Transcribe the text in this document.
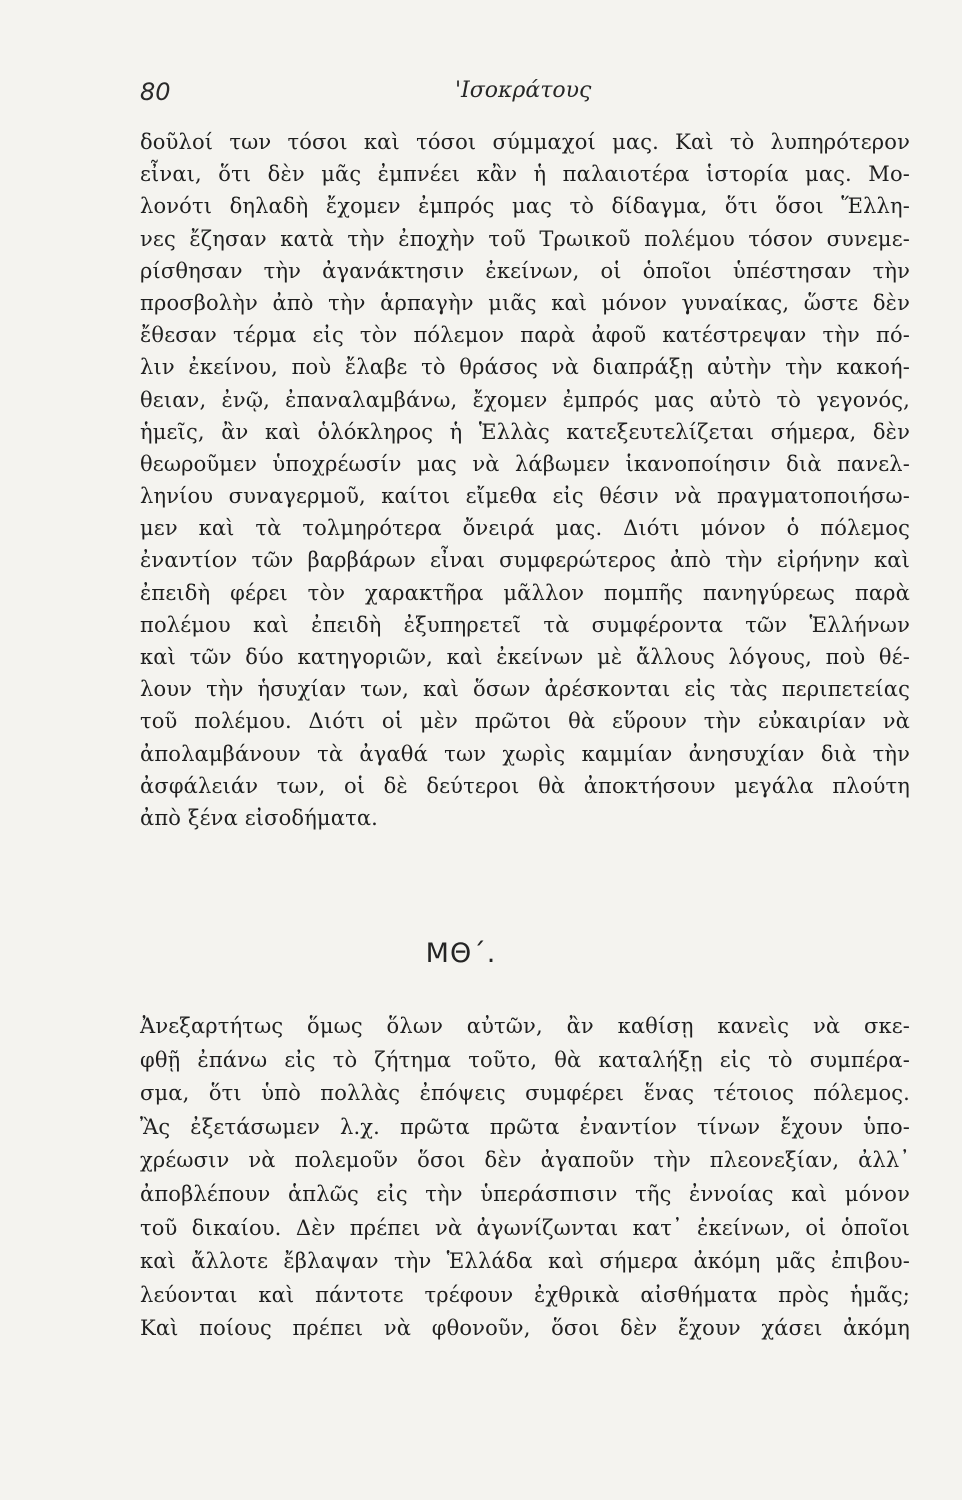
80	'Ισοκράτους
δοῦλοί των τόσοι καὶ τόσοι σύμμαχοί μας. Καὶ τὸ λυπηρότερον
εἶναι, ὅτι δὲν μᾶς ἐμπνέει κἂν ἡ παλαιοτέρα ἱστορία μας. Μο-
λονότι δηλαδὴ ἔχομεν ἐμπρός μας τὸ δίδαγμα, ὅτι ὅσοι Ἕλλη-
νες ἔζησαν κατὰ τὴν ἐποχὴν τοῦ Τρωικοῦ πολέμου τόσον συνεμε-
ρίσθησαν τὴν ἀγανάκτησιν ἐκείνων, οἱ ὁποῖοι ὑπέστησαν τὴν
προσβολὴν ἀπὸ τὴν ἁρπαγὴν μιᾶς καὶ μόνον γυναίκας, ὥστε δὲν
ἔθεσαν τέρμα εἰς τὸν πόλεμον παρὰ ἀφοῦ κατέστρεψαν τὴν πό-
λιν ἐκείνου, ποὺ ἔλαβε τὸ θράσος νὰ διαπράξῃ αὐτὴν τὴν κακοή-
θειαν, ἐνῷ, ἐπαναλαμβάνω, ἔχομεν ἐμπρός μας αὐτὸ τὸ γεγονός,
ἡμεῖς, ἂν καὶ ὁλόκληρος ἡ Ἑλλὰς κατεξευτελίζεται σήμερα, δὲν
θεωροῦμεν ὑποχρέωσίν μας νὰ λάβωμεν ἱκανοποίησιν διὰ πανελ-
ληνίου συναγερμοῦ, καίτοι εἴμεθα εἰς θέσιν νὰ πραγματοποιήσω-
μεν καὶ τὰ τολμηρότερα ὄνειρά μας. Διότι μόνον ὁ πόλεμος
ἐναντίον τῶν βαρβάρων εἶναι συμφερώτερος ἀπὸ τὴν εἰρήνην καὶ
ἐπειδὴ φέρει τὸν χαρακτῆρα μᾶλλον πομπῆς πανηγύρεως παρὰ
πολέμου καὶ ἐπειδὴ ἐξυπηρετεῖ τὰ συμφέροντα τῶν Ἑλλήνων
καὶ τῶν δύο κατηγοριῶν, καὶ ἐκείνων μὲ ἄλλους λόγους, ποὺ θέ-
λουν τὴν ἡσυχίαν των, καὶ ὅσων ἀρέσκονται εἰς τὰς περιπετείας
τοῦ πολέμου. Διότι οἱ μὲν πρῶτοι θὰ εὕρουν τὴν εὐκαιρίαν νὰ
ἀπολαμβάνουν τὰ ἀγαθά των χωρὶς καμμίαν ἀνησυχίαν διὰ τὴν
ἀσφάλειάν των, οἱ δὲ δεύτεροι θὰ ἀποκτήσουν μεγάλα πλούτη
ἀπὸ ξένα εἰσοδήματα.
ΜΘ΄.
Ἀνεξαρτήτως ὅμως ὅλων αὐτῶν, ἂν καθίσῃ κανεὶς νὰ σκε-
φθῇ ἐπάνω εἰς τὸ ζήτημα τοῦτο, θὰ καταλήξῃ εἰς τὸ συμπέρα-
σμα, ὅτι ὑπὸ πολλὰς ἐπόψεις συμφέρει ἕνας τέτοιος πόλεμος.
Ἂς ἐξετάσωμεν λ.χ. πρῶτα πρῶτα ἐναντίον τίνων ἔχουν ὑπο-
χρέωσιν νὰ πολεμοῦν ὅσοι δὲν ἀγαποῦν τὴν πλεονεξίαν, ἀλλ᾽
ἀποβλέπουν ἁπλῶς εἰς τὴν ὑπεράσπισιν τῆς ἐννοίας καὶ μόνον
τοῦ δικαίου. Δὲν πρέπει νὰ ἀγωνίζωνται κατ᾽ ἐκείνων, οἱ ὁποῖοι
καὶ ἄλλοτε ἔβλαψαν τὴν Ἑλλάδα καὶ σήμερα ἀκόμη μᾶς ἐπιβου-
λεύονται καὶ πάντοτε τρέφουν ἐχθρικὰ αἰσθήματα πρὸς ἡμᾶς;
Καὶ ποίους πρέπει νὰ φθονοῦν, ὅσοι δὲν ἔχουν χάσει ἀκόμη
